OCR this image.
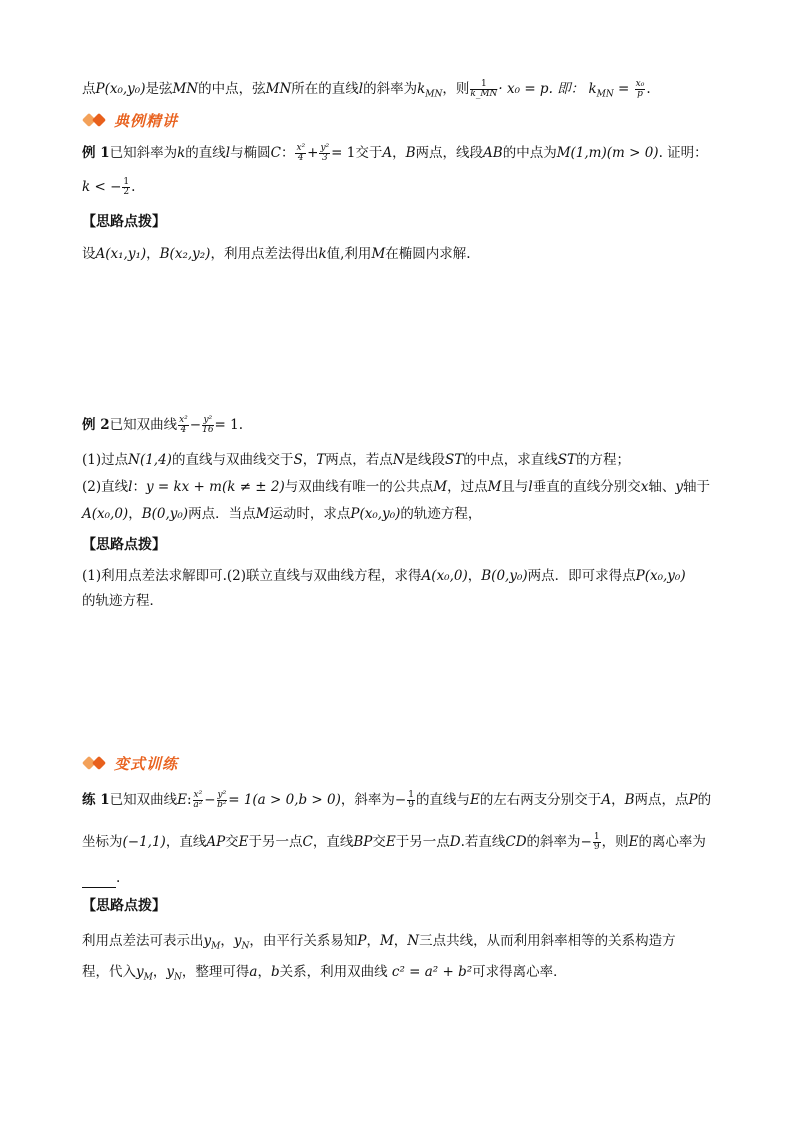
点P(x₀,y₀)是弦MN的中点，弦MN所在的直线l的斜率为$k_{MN}$，则 $\frac{1}{k\_MN} \cdot x_0 = p$. 即： $k_{MN} = \frac{\text{x₀}}{p}$ .
典例精讲
例 1已知斜率为k的直线l与椭圆C： $\frac{\text{x²}}{4} + \frac{\text{y²}}{3} = 1$交于A，B两点，线段AB的中点为M(1,m)(m > 0). 证明：
k < − $\frac{1}{2}$ .
【思路点拨】
设A(x₁,y₁)，B(x₂,y₂)，利用点差法得出k值,利用M在椭圆内求解.
例 2已知双曲线 $\frac{\text{x²}}{4} - \frac{\text{y²}}{16} = 1$.
(1)过点N(1,4)的直线与双曲线交于S，T两点，若点N是线段ST的中点，求直线ST的方程；
(2)直线l：y = kx + m(k ≠ ± 2)与双曲线有唯一的公共点M，过点M且与l垂直的直线分别交x轴、y轴于
A(x₀,0)，B(0,y₀)两点．当点M运动时，求点P(x₀,y₀)的轨迹方程，
【思路点拨】
(1)利用点差法求解即可.(2)联立直线与双曲线方程，求得A(x₀,0)，B(0,y₀)两点．即可求得点P(x₀,y₀)
的轨迹方程．
变式训练
练 1已知双曲线E: $\frac{\text{x²}}{\text{a²}} - \frac{\text{y²}}{\text{b²}} = 1(a > 0,b > 0)$，斜率为− $\frac{1}{9}$ 的直线与E的左右两支分别交于A，B两点，点P的
坐标为(−1,1)，直线AP交E于另一点C，直线BP交E于另一点D.若直线CD的斜率为− $\frac{1}{9}$ ，则E的离心率为
.
【思路点拨】
利用点差法可表示出$y_M$，$y_N$，由平行关系易知P，M，N三点共线，从而利用斜率相等的关系构造方
程，代入$y_M$，$y_N$，整理可得a，b关系，利用双曲线 c² = a² + b²可求得离心率．
